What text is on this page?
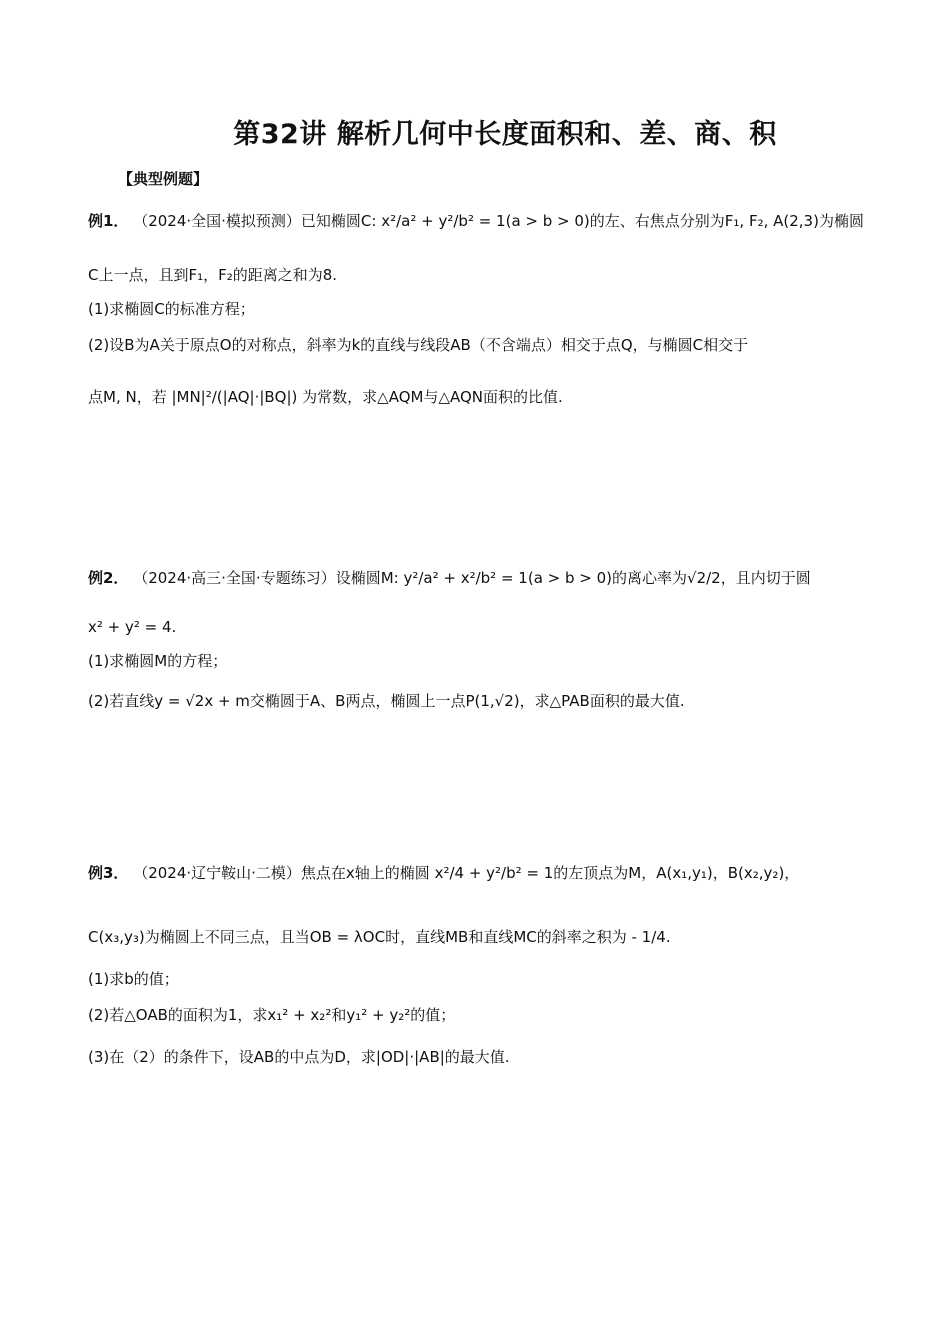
第32讲 解析几何中长度面积和、差、商、积
【典型例题】
例1． （2024·全国·模拟预测）已知椭圆C: x²/a² + y²/b² = 1(a > b > 0)的左、右焦点分别为F₁, F₂, A(2,3)为椭圆
C上一点，且到F₁，F₂的距离之和为8.
(1)求椭圆C的标准方程；
(2)设B为A关于原点O的对称点，斜率为k的直线与线段AB（不含端点）相交于点Q，与椭圆C相交于
点M, N，若 |MN|²/(|AQ|·|BQ|) 为常数，求△AQM与△AQN面积的比值.
例2． （2024·高三·全国·专题练习）设椭圆M: y²/a² + x²/b² = 1(a > b > 0)的离心率为√2/2，且内切于圆
x² + y² = 4.
(1)求椭圆M的方程；
(2)若直线y = √2x + m交椭圆于A、B两点，椭圆上一点P(1,√2)，求△PAB面积的最大值.
例3． （2024·辽宁鞍山·二模）焦点在x轴上的椭圆 x²/4 + y²/b² = 1的左顶点为M，A(x₁,y₁)，B(x₂,y₂)，
C(x₃,y₃)为椭圆上不同三点，且当OB = λOC时，直线MB和直线MC的斜率之积为 - 1/4.
(1)求b的值；
(2)若△OAB的面积为1，求x₁² + x₂²和y₁² + y₂²的值；
(3)在（2）的条件下，设AB的中点为D，求|OD|·|AB|的最大值.
